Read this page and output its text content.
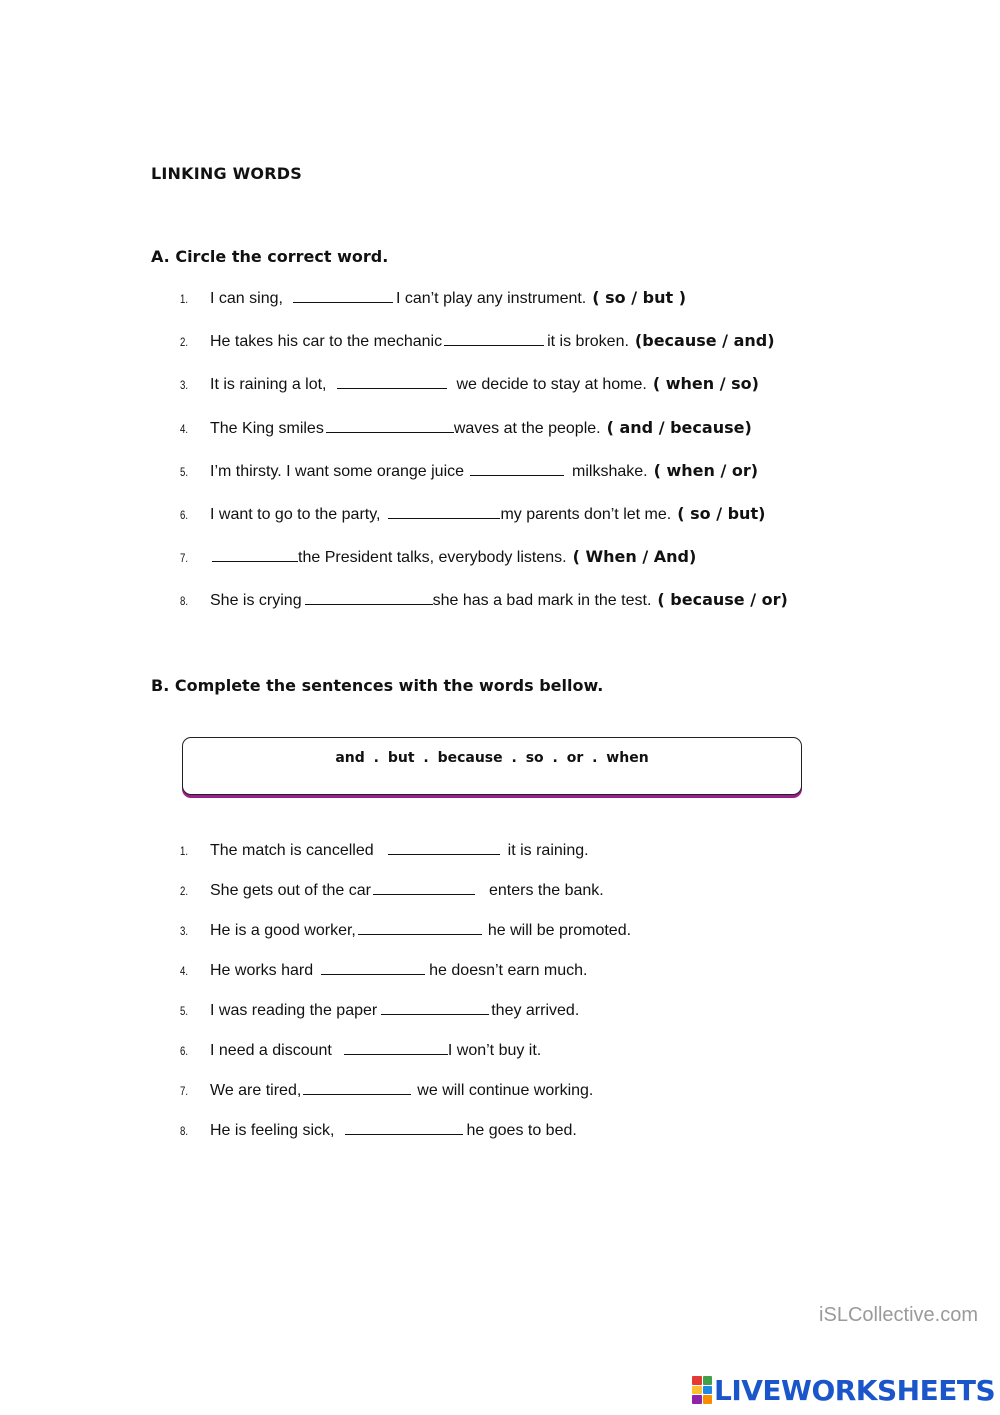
LINKING WORDS
A. Circle the correct word.
1.	I can sing,	I can’t play any instrument. ( so / but )
2.	He takes his car to the mechanic	it is broken. (because / and)
3.	It is raining a lot,	we decide to stay at home. ( when / so)
4.	The King smiles	waves at the people. ( and / because)
5.	I’m thirsty. I want some orange juice	milkshake. ( when / or)
6.	I want to go to the party,	my parents don’t let me. ( so / but)
7.	the President talks, everybody listens. ( When / And)
8.	She is crying	she has a bad mark in the test. ( because / or)
B. Complete the sentences with the words bellow.
and . but . because . so . or . when
1.	The match is cancelled	it is raining.
2.	She gets out of the car	enters the bank.
3.	He is a good worker,	he will be promoted.
4.	He works hard	he doesn’t earn much.
5.	I was reading the paper	they arrived.
6.	I need a discount	I won’t buy it.
7.	We are tired,	we will continue working.
8.	He is feeling sick,	he goes to bed.
iSLCollective.com
LIVEWORKSHEETS
